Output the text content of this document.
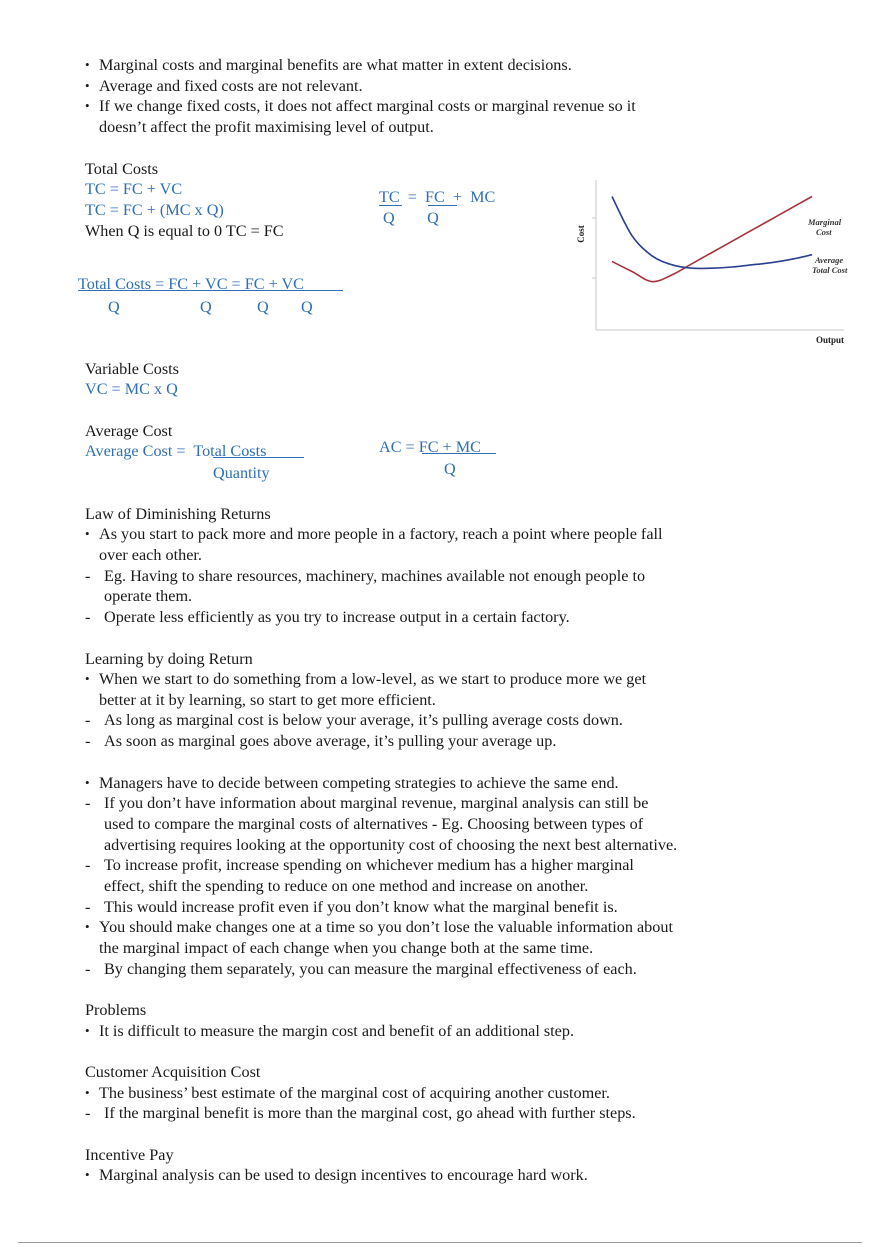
• Marginal costs and marginal benefits are what matter in extent decisions.
• Average and fixed costs are not relevant.
• If we change fixed costs, it does not affect marginal costs or marginal revenue so it
doesn’t affect the profit maximising level of output.
Total Costs
TC = FC + VC
TC = FC + (MC x Q)
When Q is equal to 0 TC = FC
TC  =  FC  +  MC
Q        Q
Total Costs = FC + VC = FC + VC
Q	Q	Q Q
Cost
Output
Marginal
Cost
Average
Total Cost
Variable Costs
VC = MC x Q
Average Cost
Average Cost =  Total Costs
Quantity
AC = FC + MC
Q
Law of Diminishing Returns
• As you start to pack more and more people in a factory, reach a point where people fall
over each other.
- Eg. Having to share resources, machinery, machines available not enough people to
operate them.
- Operate less efficiently as you try to increase output in a certain factory.
Learning by doing Return
• When we start to do something from a low-level, as we start to produce more we get
better at it by learning, so start to get more efficient.
- As long as marginal cost is below your average, it’s pulling average costs down.
- As soon as marginal goes above average, it’s pulling your average up.
• Managers have to decide between competing strategies to achieve the same end.
- If you don’t have information about marginal revenue, marginal analysis can still be
used to compare the marginal costs of alternatives - Eg. Choosing between types of
advertising requires looking at the opportunity cost of choosing the next best alternative.
- To increase profit, increase spending on whichever medium has a higher marginal
effect, shift the spending to reduce on one method and increase on another.
- This would increase profit even if you don’t know what the marginal benefit is.
• You should make changes one at a time so you don’t lose the valuable information about
the marginal impact of each change when you change both at the same time.
- By changing them separately, you can measure the marginal effectiveness of each.
Problems
• It is difficult to measure the margin cost and benefit of an additional step.
Customer Acquisition Cost
• The business’ best estimate of the marginal cost of acquiring another customer.
- If the marginal benefit is more than the marginal cost, go ahead with further steps.
Incentive Pay
• Marginal analysis can be used to design incentives to encourage hard work.
